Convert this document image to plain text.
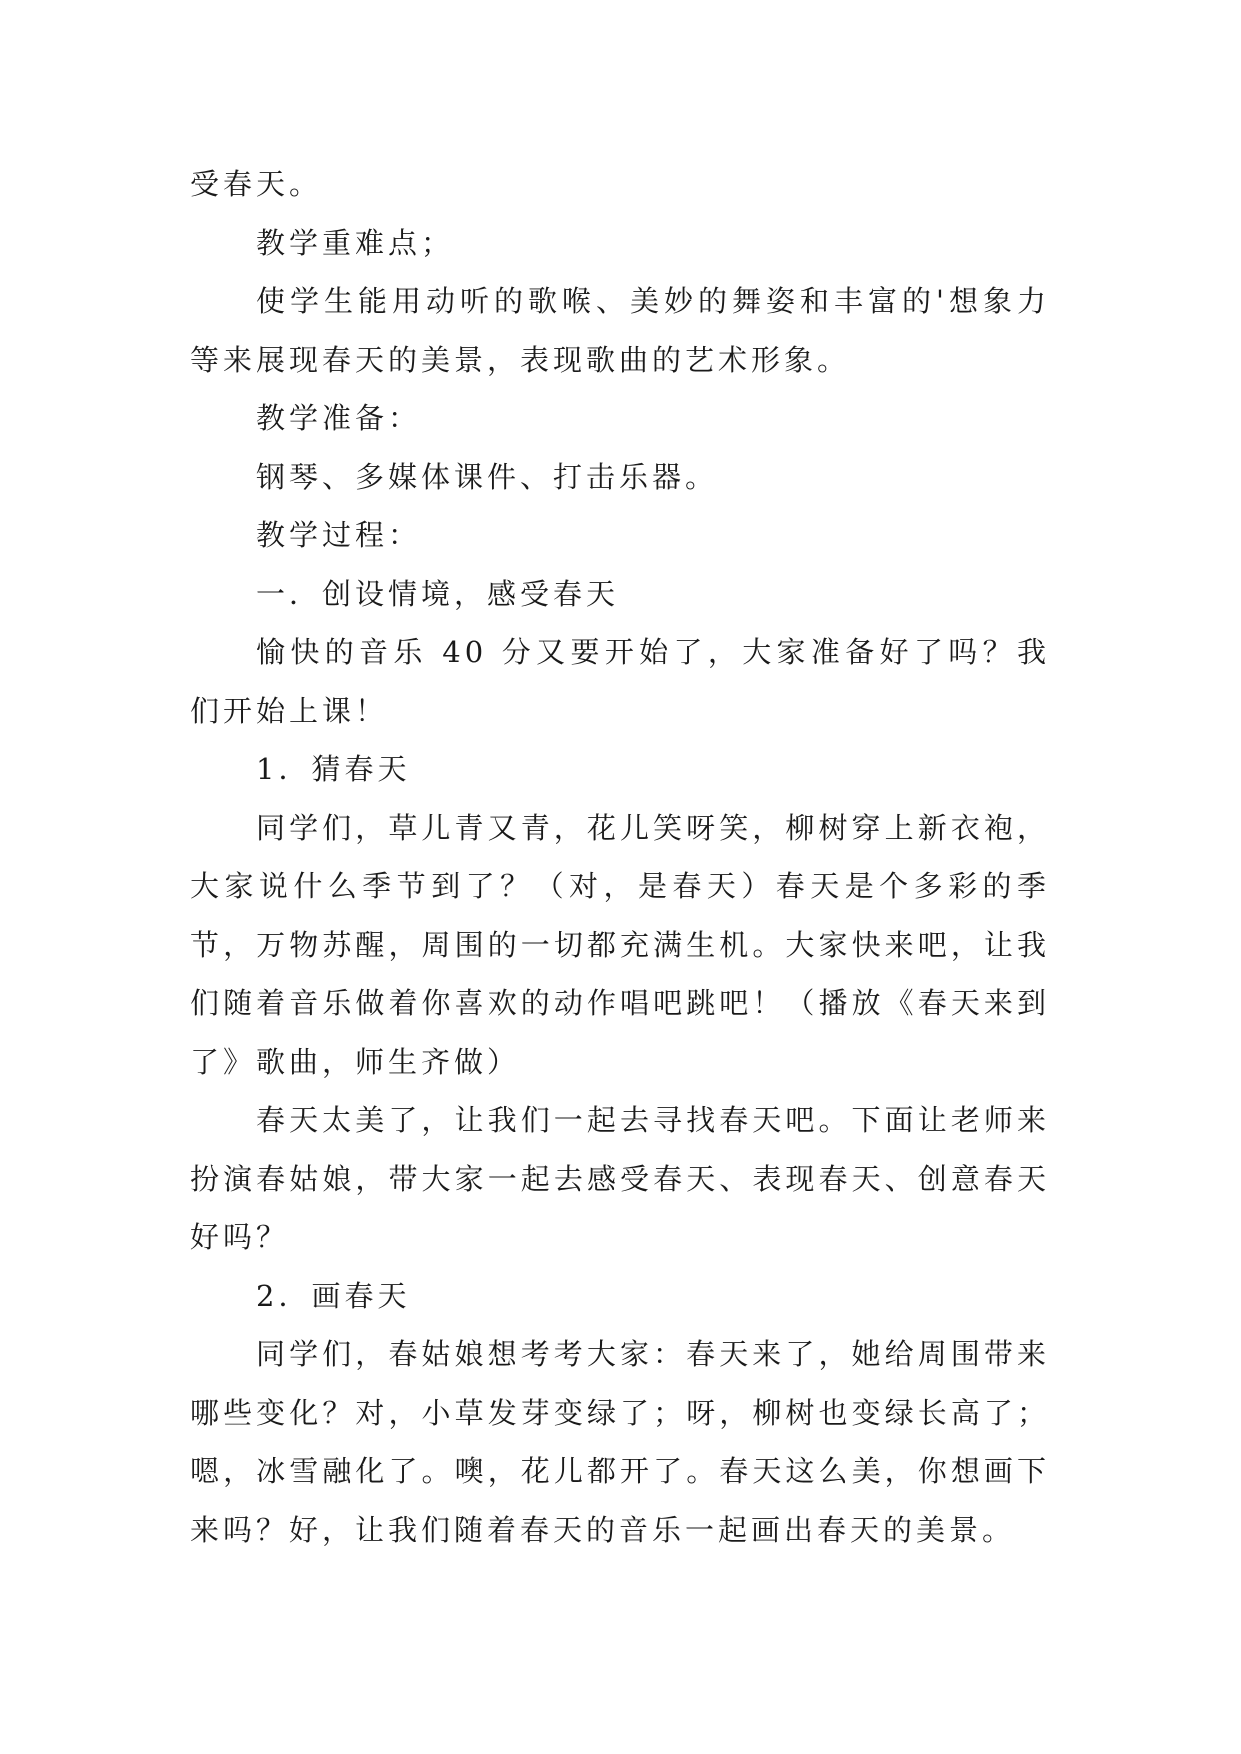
受春天。

教学重难点；

使学生能用动听的歌喉、美妙的舞姿和丰富的'想象力等来展现春天的美景，表现歌曲的艺术形象。

教学准备：

钢琴、多媒体课件、打击乐器。

教学过程：

一．创设情境，感受春天

愉快的音乐 40 分又要开始了，大家准备好了吗？我们开始上课！

1．猜春天

同学们，草儿青又青，花儿笑呀笑，柳树穿上新衣袍，大家说什么季节到了？（对，是春天）春天是个多彩的季节，万物苏醒，周围的一切都充满生机。大家快来吧，让我们随着音乐做着你喜欢的动作唱吧跳吧！（播放《春天来到了》歌曲，师生齐做）

春天太美了，让我们一起去寻找春天吧。下面让老师来扮演春姑娘，带大家一起去感受春天、表现春天、创意春天好吗？

2．画春天

同学们，春姑娘想考考大家：春天来了，她给周围带来哪些变化？对，小草发芽变绿了；呀，柳树也变绿长高了；嗯，冰雪融化了。噢，花儿都开了。春天这么美，你想画下来吗？好，让我们随着春天的音乐一起画出春天的美景。
